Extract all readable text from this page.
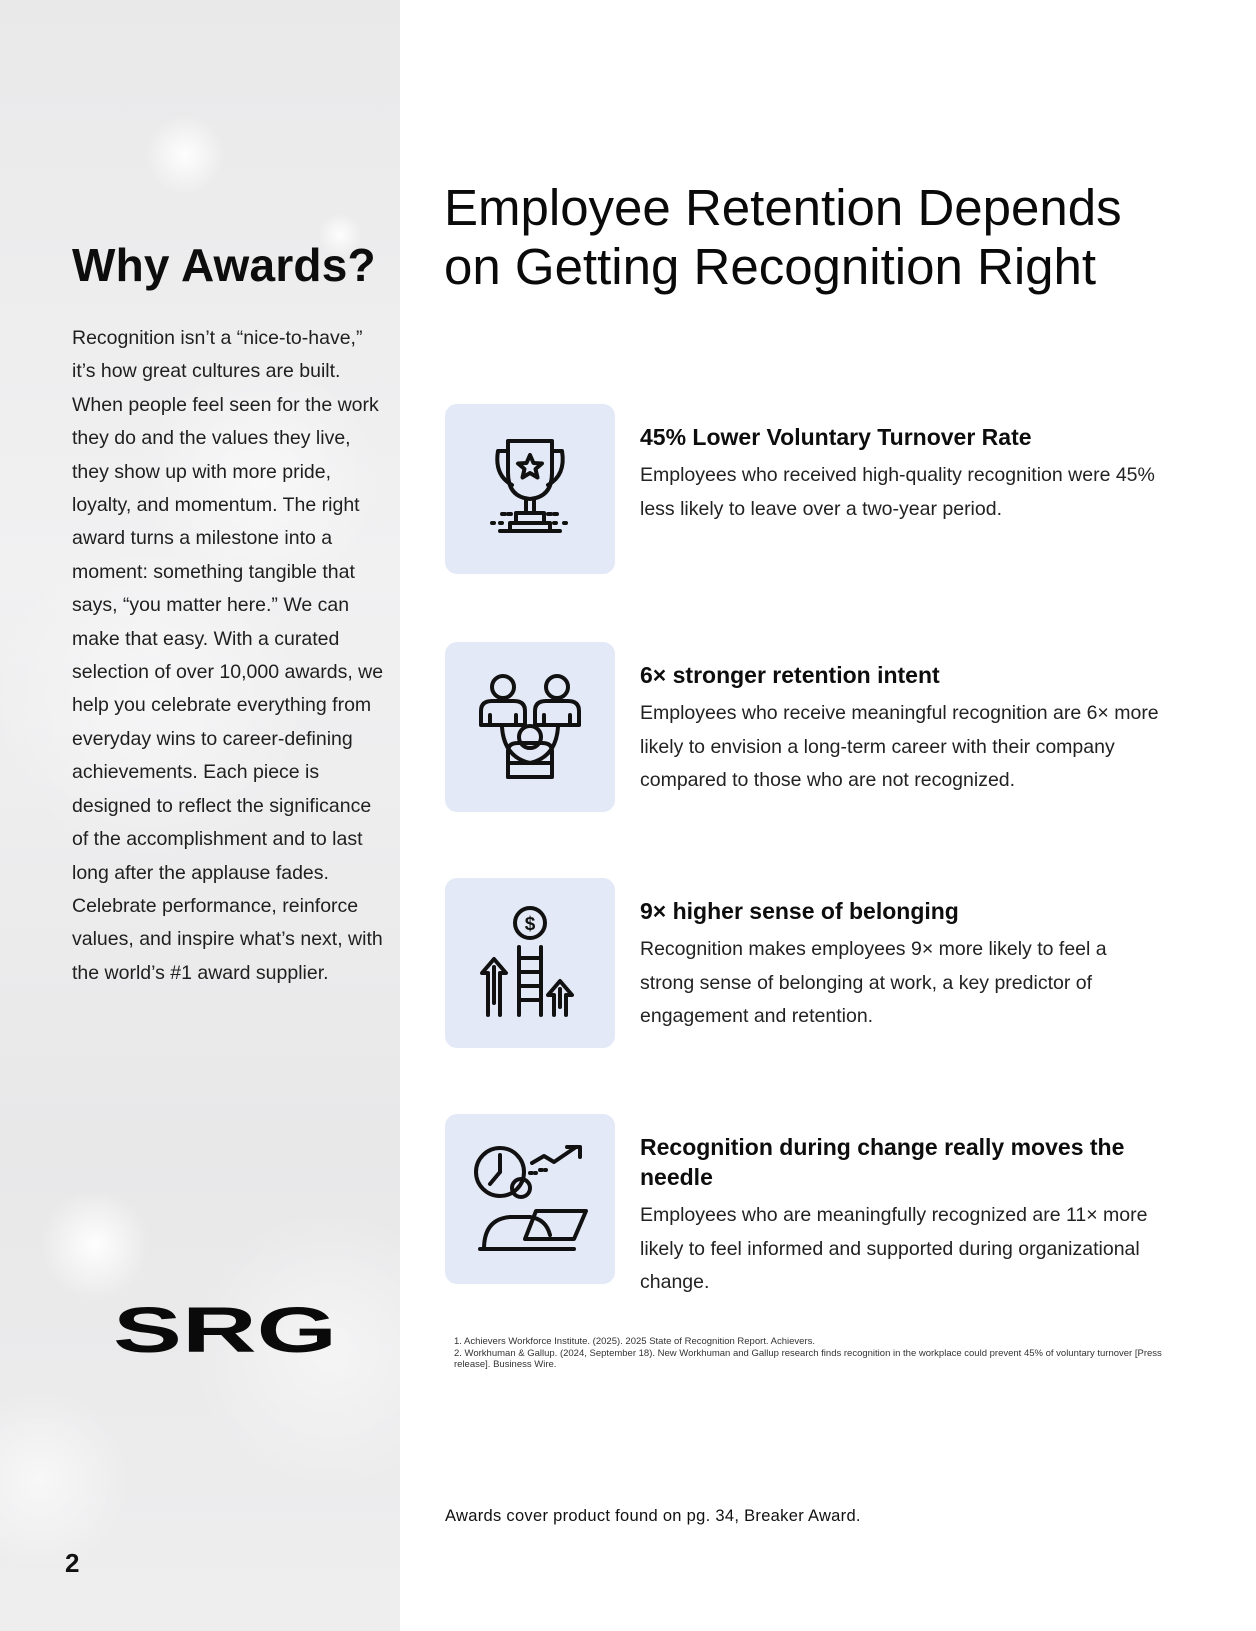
Why Awards?

Recognition isn’t a “nice-to-have,” it’s how great cultures are built. When people feel seen for the work they do and the values they live, they show up with more pride, loyalty, and momentum. The right award turns a milestone into a moment: something tangible that says, “you matter here.” We can make that easy. With a curated selection of over 10,000 awards, we help you celebrate everything from everyday wins to career-defining achievements. Each piece is designed to reflect the significance of the accomplishment and to last long after the applause fades. Celebrate performance, reinforce values, and inspire what’s next, with the world’s #1 award supplier.

SRG
2
Employee Retention Depends on Getting Recognition Right
45% Lower Voluntary Turnover Rate

Employees who received high-quality recognition were 45% less likely to leave over a two-year period.

6× stronger retention intent

Employees who receive meaningful recognition are 6× more likely to envision a long-term career with their company compared to those who are not recognized.

$
9× higher sense of belonging

Recognition makes employees 9× more likely to feel a strong sense of belonging at work, a key predictor of engagement and retention.

Recognition during change really moves the needle

Employees who are meaningfully recognized are 11× more likely to feel informed and supported during organizational change.

1. Achievers Workforce Institute. (2025). 2025 State of Recognition Report. Achievers.

2. Workhuman & Gallup. (2024, September 18). New Workhuman and Gallup research finds recognition in the workplace could prevent 45% of voluntary turnover [Press release]. Business Wire.

Awards cover product found on pg. 34, Breaker Award.
